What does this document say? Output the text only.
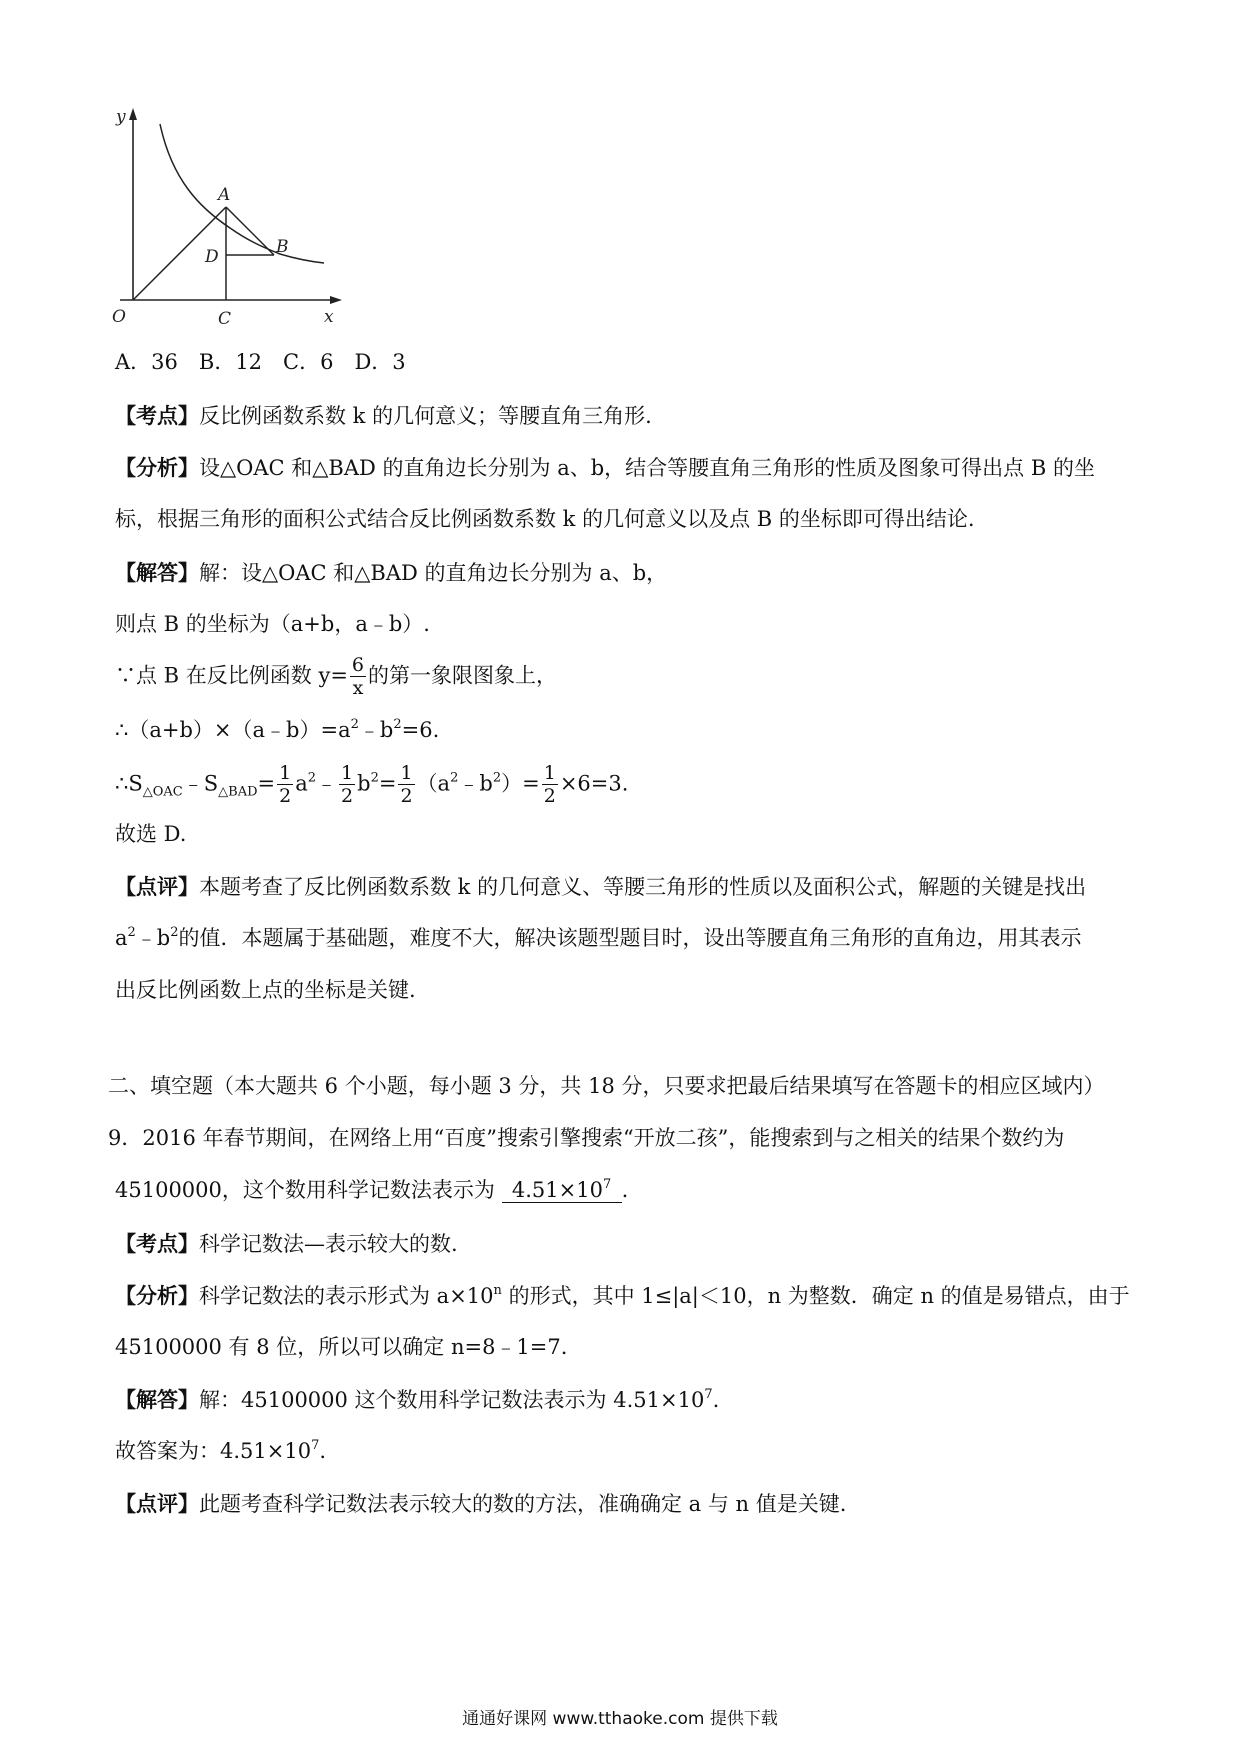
y
x
O
A
B
C
D
A．36　B．12　C．6　D．3
【考点】反比例函数系数 k 的几何意义；等腰直角三角形.
【分析】设△OAC 和△BAD 的直角边长分别为 a、b，结合等腰直角三角形的性质及图象可得出点 B 的坐
标，根据三角形的面积公式结合反比例函数系数 k 的几何意义以及点 B 的坐标即可得出结论.
【解答】解：设△OAC 和△BAD 的直角边长分别为 a、b，
则点 B 的坐标为（a+b，a﹣b）.
∵点 B 在反比例函数 $y= \frac{6}{x}$ 的第一象限图象上，
$\therefore(a+b)\times(a﹣b)=a^2﹣b^2=6$.
$\therefore S_{\triangle OAC}﹣S_{\triangle BAD}= \frac{1}{2}$ $a^2﹣ \frac{1}{2} b^2= \frac{1}{2}$ $(a^2﹣b^2)= \frac{1}{2} \times 6=3$.
故选 D.
【点评】本题考查了反比例函数系数 k 的几何意义、等腰三角形的性质以及面积公式，解题的关键是找出
$a^2﹣b^2$的值．本题属于基础题，难度不大，解决该题型题目时，设出等腰直角三角形的直角边，用其表示
出反比例函数上点的坐标是关键.
二、填空题（本大题共 6 个小题，每小题 3 分，共 18 分，只要求把最后结果填写在答题卡的相应区域内）
9．2016 年春节期间，在网络上用“百度”搜索引擎搜索“开放二孩”，能搜索到与之相关的结果个数约为
45100000，这个数用科学记数法表示为 $4.51\times 10^7$ .
【考点】科学记数法—表示较大的数.
【分析】科学记数法的表示形式为 $a\times 10^n$ 的形式，其中 1≤|a|＜10，n 为整数．确定 n 的值是易错点，由于
45100000 有 8 位，所以可以确定 n=8﹣1=7.
【解答】解：45100000 这个数用科学记数法表示为 $4.51\times 10^7$.
故答案为：$4.51\times 10^7$.
【点评】此题考查科学记数法表示较大的数的方法，准确确定 a 与 n 值是关键.
通通好课网 www.tthaoke.com 提供下载
